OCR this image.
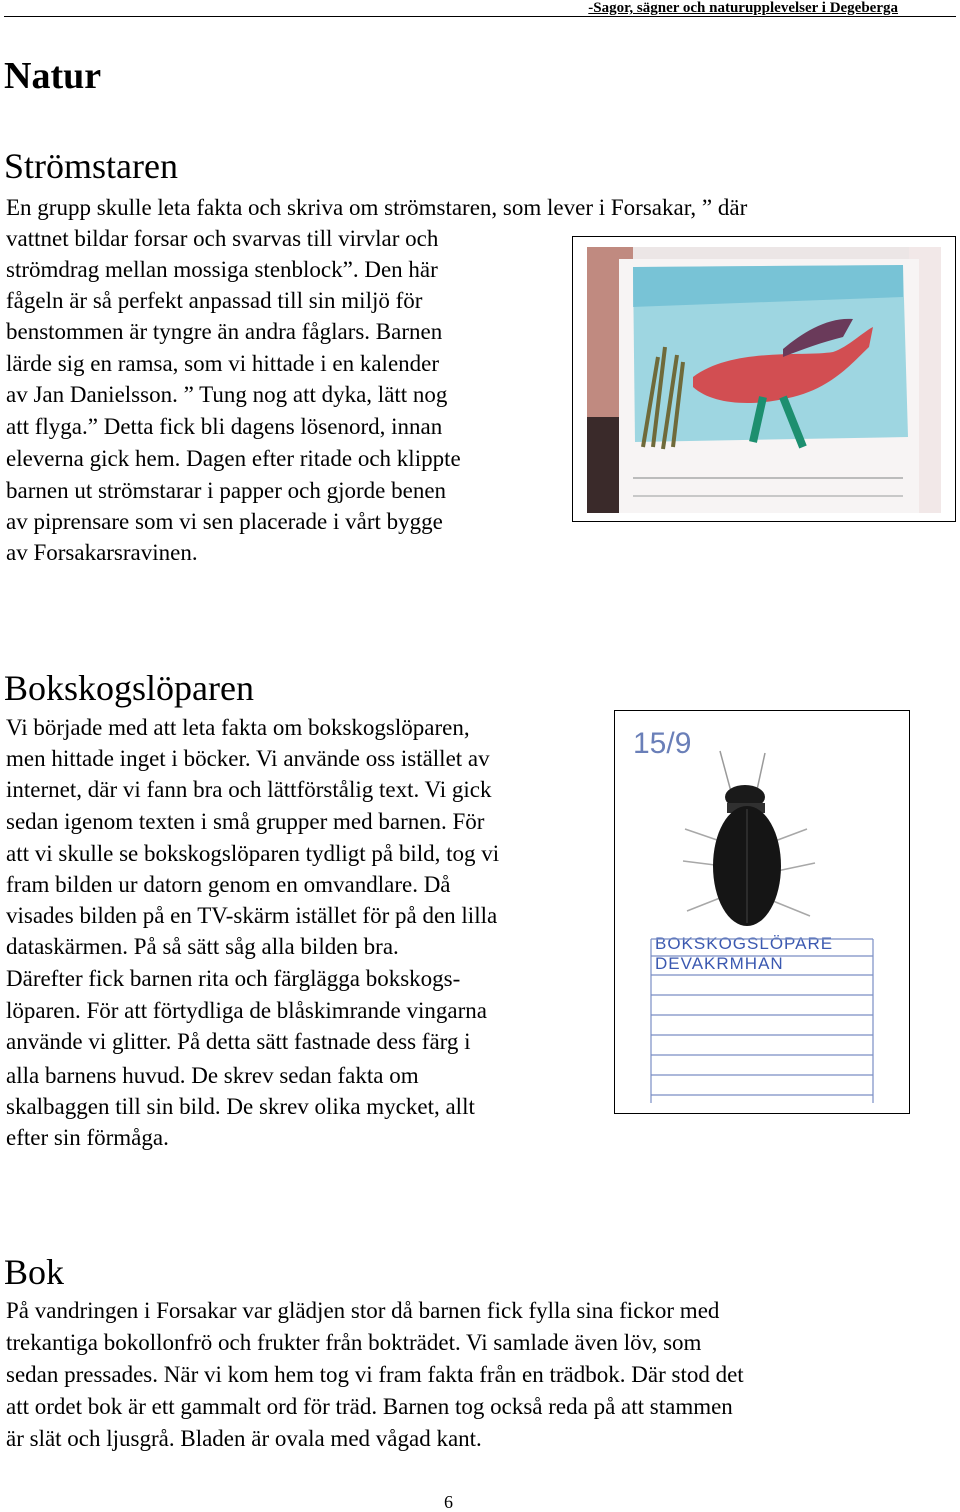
-Sagor, sägner och naturupplevelser i Degeberga
Natur
Strömstaren
En grupp skulle leta fakta och skriva om strömstaren, som lever i Forsakar, ” där
vattnet bildar forsar och svarvas till virvlar och
strömdrag mellan mossiga stenblock”. Den här
fågeln är så perfekt anpassad till sin miljö för
benstommen är tyngre än andra fåglars. Barnen
lärde sig en ramsa, som vi hittade i en kalender
av Jan Danielsson. ” Tung nog att dyka, lätt nog
att flyga.” Detta fick bli dagens lösenord, innan
eleverna gick hem. Dagen efter ritade och klippte
barnen ut strömstarar i papper och gjorde benen
av piprensare som vi sen placerade i vårt bygge
av Forsakarsravinen.
Bokskogslöparen
Vi började med att leta fakta om bokskogslöparen,
men hittade inget i böcker. Vi använde oss istället av
internet, där vi fann bra och lättförstålig text. Vi gick
sedan igenom texten i små grupper med barnen. För
att vi skulle se bokskogslöparen tydligt på bild, tog vi
fram bilden ur datorn genom en omvandlare. Då
visades bilden på en TV-skärm istället för på den lilla
dataskärmen. På så sätt såg alla bilden bra.
Därefter fick barnen rita och färglägga bokskogs-
löparen. För att förtydliga de blåskimrande vingarna
använde vi glitter. På detta sätt fastnade dess färg i
alla barnens huvud. De skrev sedan fakta om
skalbaggen till sin bild. De skrev olika mycket, allt
efter sin förmåga.
15/9
BOKSKOGSLÖPARE
DEVAKRMHAN
Bok
På vandringen i Forsakar var glädjen stor då barnen fick fylla sina fickor med
trekantiga bokollonfrö och frukter från bokträdet. Vi samlade även löv, som
sedan pressades. När vi kom hem tog vi fram fakta från en trädbok. Där stod det
att ordet bok är ett gammalt ord för träd. Barnen tog också reda på att stammen
är slät och ljusgrå. Bladen är ovala med vågad kant.
6
